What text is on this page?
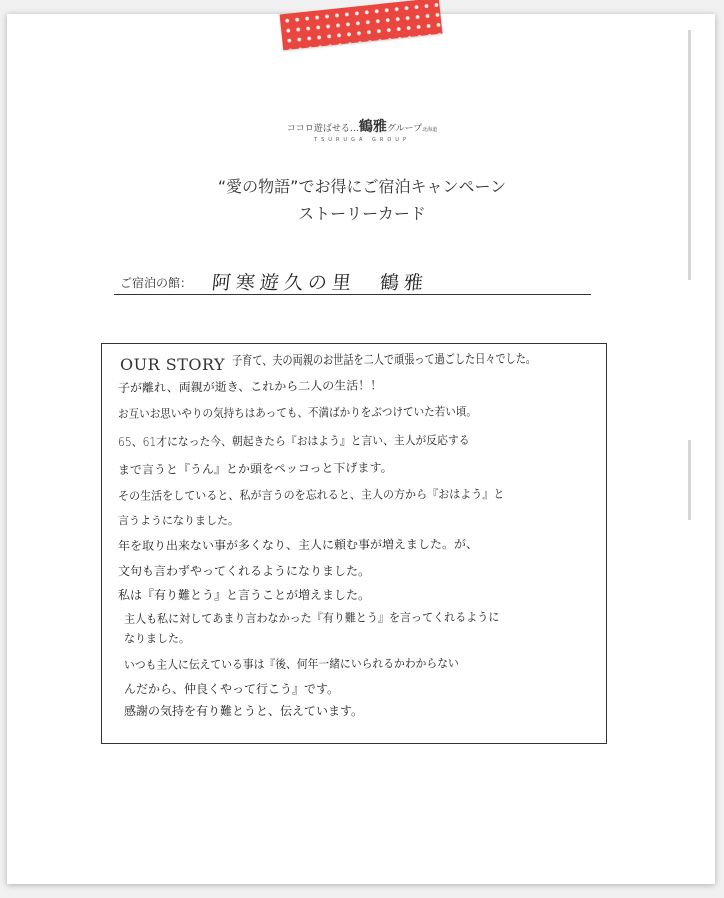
ココロ遊ばせる…鶴雅グループ北海道
TSURUGA GROUP
“愛の物語”でお得にご宿泊キャンペーン
ストーリーカード
ご宿泊の館： 阿寒遊久の里　鶴雅
OUR STORY 子育て、夫の両親のお世話を二人で頑張って過ごした日々でした。
子が離れ、両親が逝き、これから二人の生活！！
お互いお思いやりの気持ちはあっても、不満ばかりをぶつけていた若い頃。
65、61才になった今、朝起きたら『おはよう』と言い、主人が反応する
まで言うと『うん』とか頭をペッコっと下げます。
その生活をしていると、私が言うのを忘れると、主人の方から『おはよう』と
言うようになりました。
年を取り出来ない事が多くなり、主人に頼む事が増えました。が、
文句も言わずやってくれるようになりました。
私は『有り難とう』と言うことが増えました。
主人も私に対してあまり言わなかった『有り難とう』を言ってくれるように
なりました。
いつも主人に伝えている事は『後、何年一緒にいられるかわからない
んだから、仲良くやって行こう』です。
感謝の気持を有り難とうと、伝えています。
